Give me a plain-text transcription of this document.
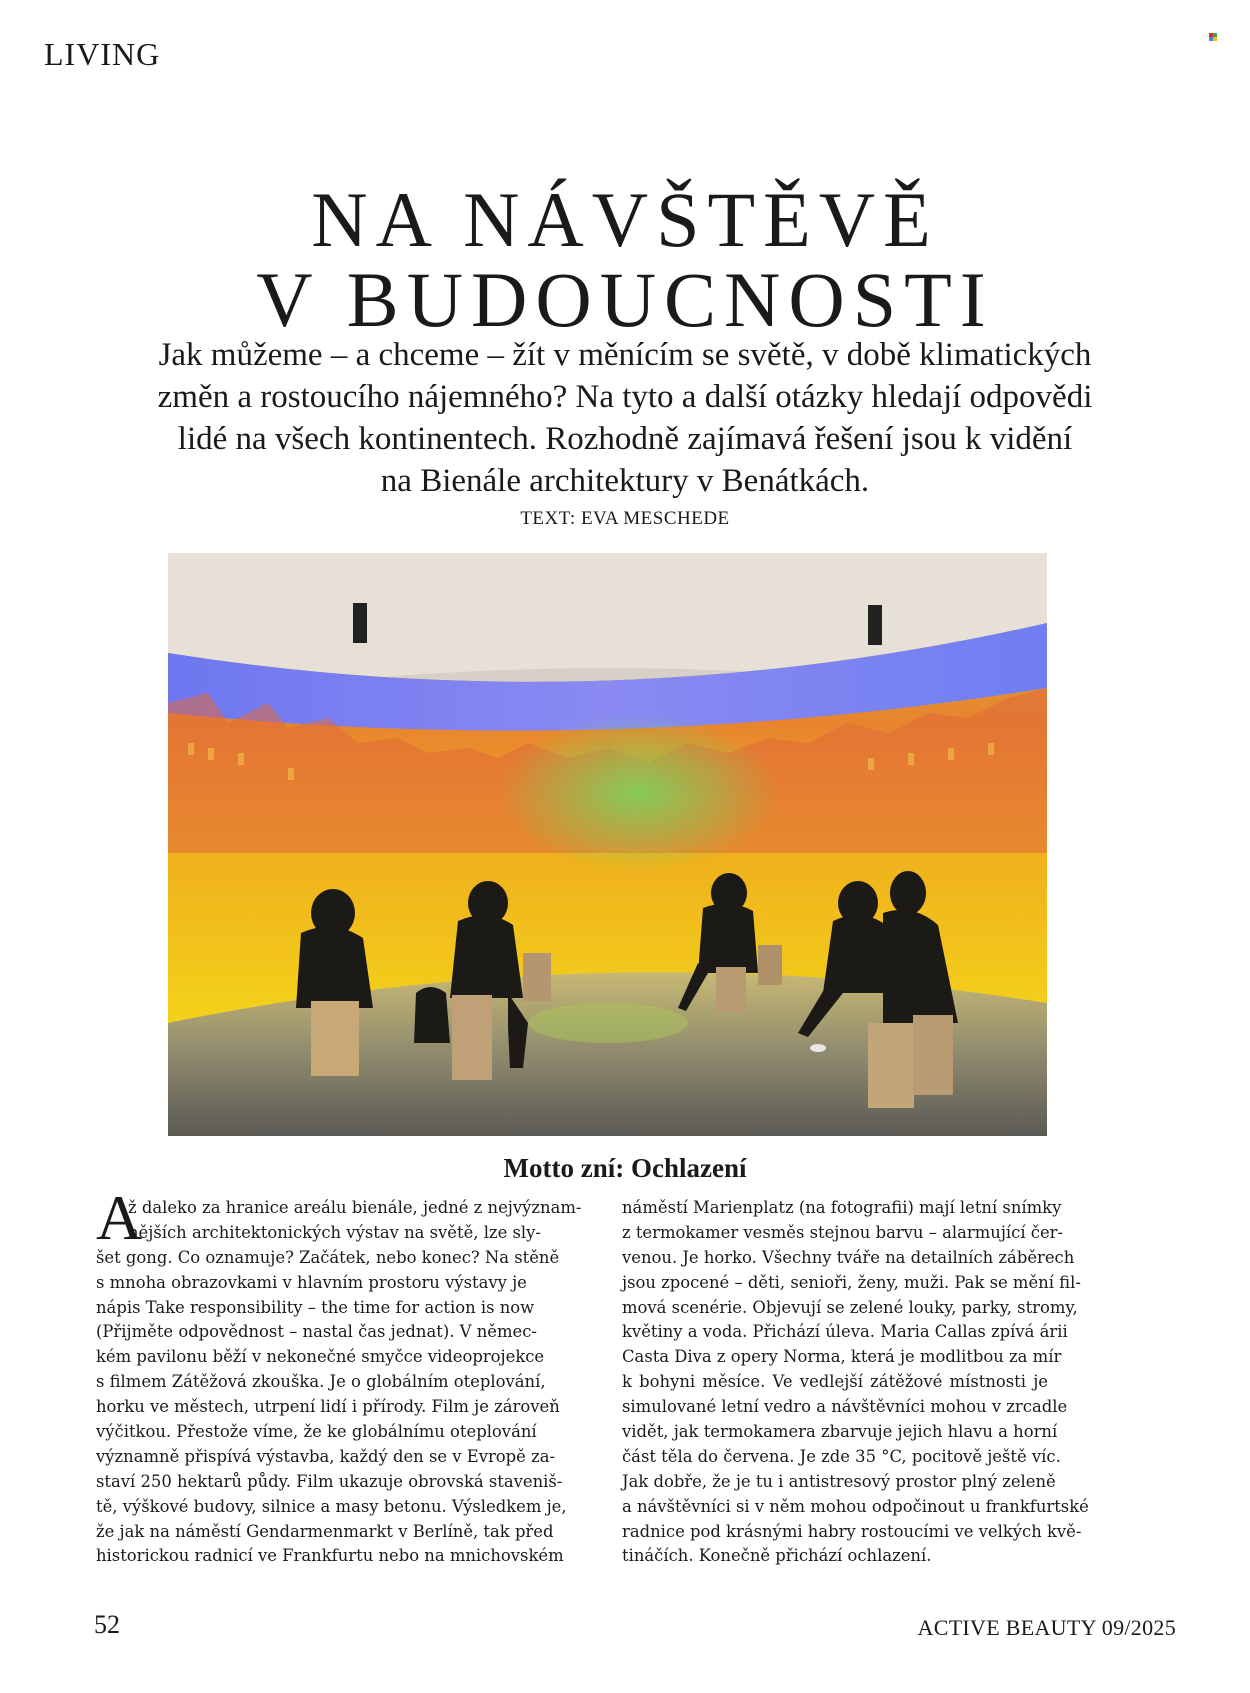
LIVING
NA NÁVŠTĚVĚ
V BUDOUCNOSTI

Jak můžeme – a chceme – žít v měnícím se světě, v době klimatických
změn a rostoucího nájemného? Na tyto a další otázky hledají odpovědi
lidé na všech kontinentech. Rozhodně zajímavá řešení jsou k vidění
na Bienále architektury v Benátkách.

TEXT: EVA MESCHEDE
Motto zní: Ochlazení
A
ž daleko za hranice areálu bienále, jedné z nejvýznam-
nějších architektonických výstav na světě, lze sly-
šet gong. Co oznamuje? Začátek, nebo konec? Na stěně
s mnoha obrazovkami v hlavním prostoru výstavy je
nápis Take responsibility – the time for action is now
(Přijměte odpovědnost – nastal čas jednat). V němec-
kém pavilonu běží v nekonečné smyčce videoprojekce
s filmem Zátěžová zkouška. Je o globálním oteplování,
horku ve městech, utrpení lidí i přírody. Film je zároveň
výčitkou. Přestože víme, že ke globálnímu oteplování
významně přispívá výstavba, každý den se v Evropě za-
staví 250 hektarů půdy. Film ukazuje obrovská staveniš-
tě, výškové budovy, silnice a masy betonu. Výsledkem je,
že jak na náměstí Gendarmenmarkt v Berlíně, tak před
historickou radnicí ve Frankfurtu nebo na mnichovském
náměstí Marienplatz (na fotografii) mají letní snímky
z termokamer vesměs stejnou barvu – alarmující čer-
venou. Je horko. Všechny tváře na detailních záběrech
jsou zpocené – děti, senioři, ženy, muži. Pak se mění fil-
mová scenérie. Objevují se zelené louky, parky, stromy,
květiny a voda. Přichází úleva. Maria Callas zpívá árii
Casta Diva z opery Norma, která je modlitbou za mír
k bohyni měsíce. Ve vedlejší zátěžové místnosti je
simulované letní vedro a návštěvníci mohou v zrcadle
vidět, jak termokamera zbarvuje jejich hlavu a horní
část těla do červena. Je zde 35 °C, pocitově ještě víc.
Jak dobře, že je tu i antistresový prostor plný zeleně
a návštěvníci si v něm mohou odpočinout u frankfurtské
radnice pod krásnými habry rostoucími ve velkých kvě-
tináčích. Konečně přichází ochlazení.
52	ACTIVE BEAUTY 09/2025
